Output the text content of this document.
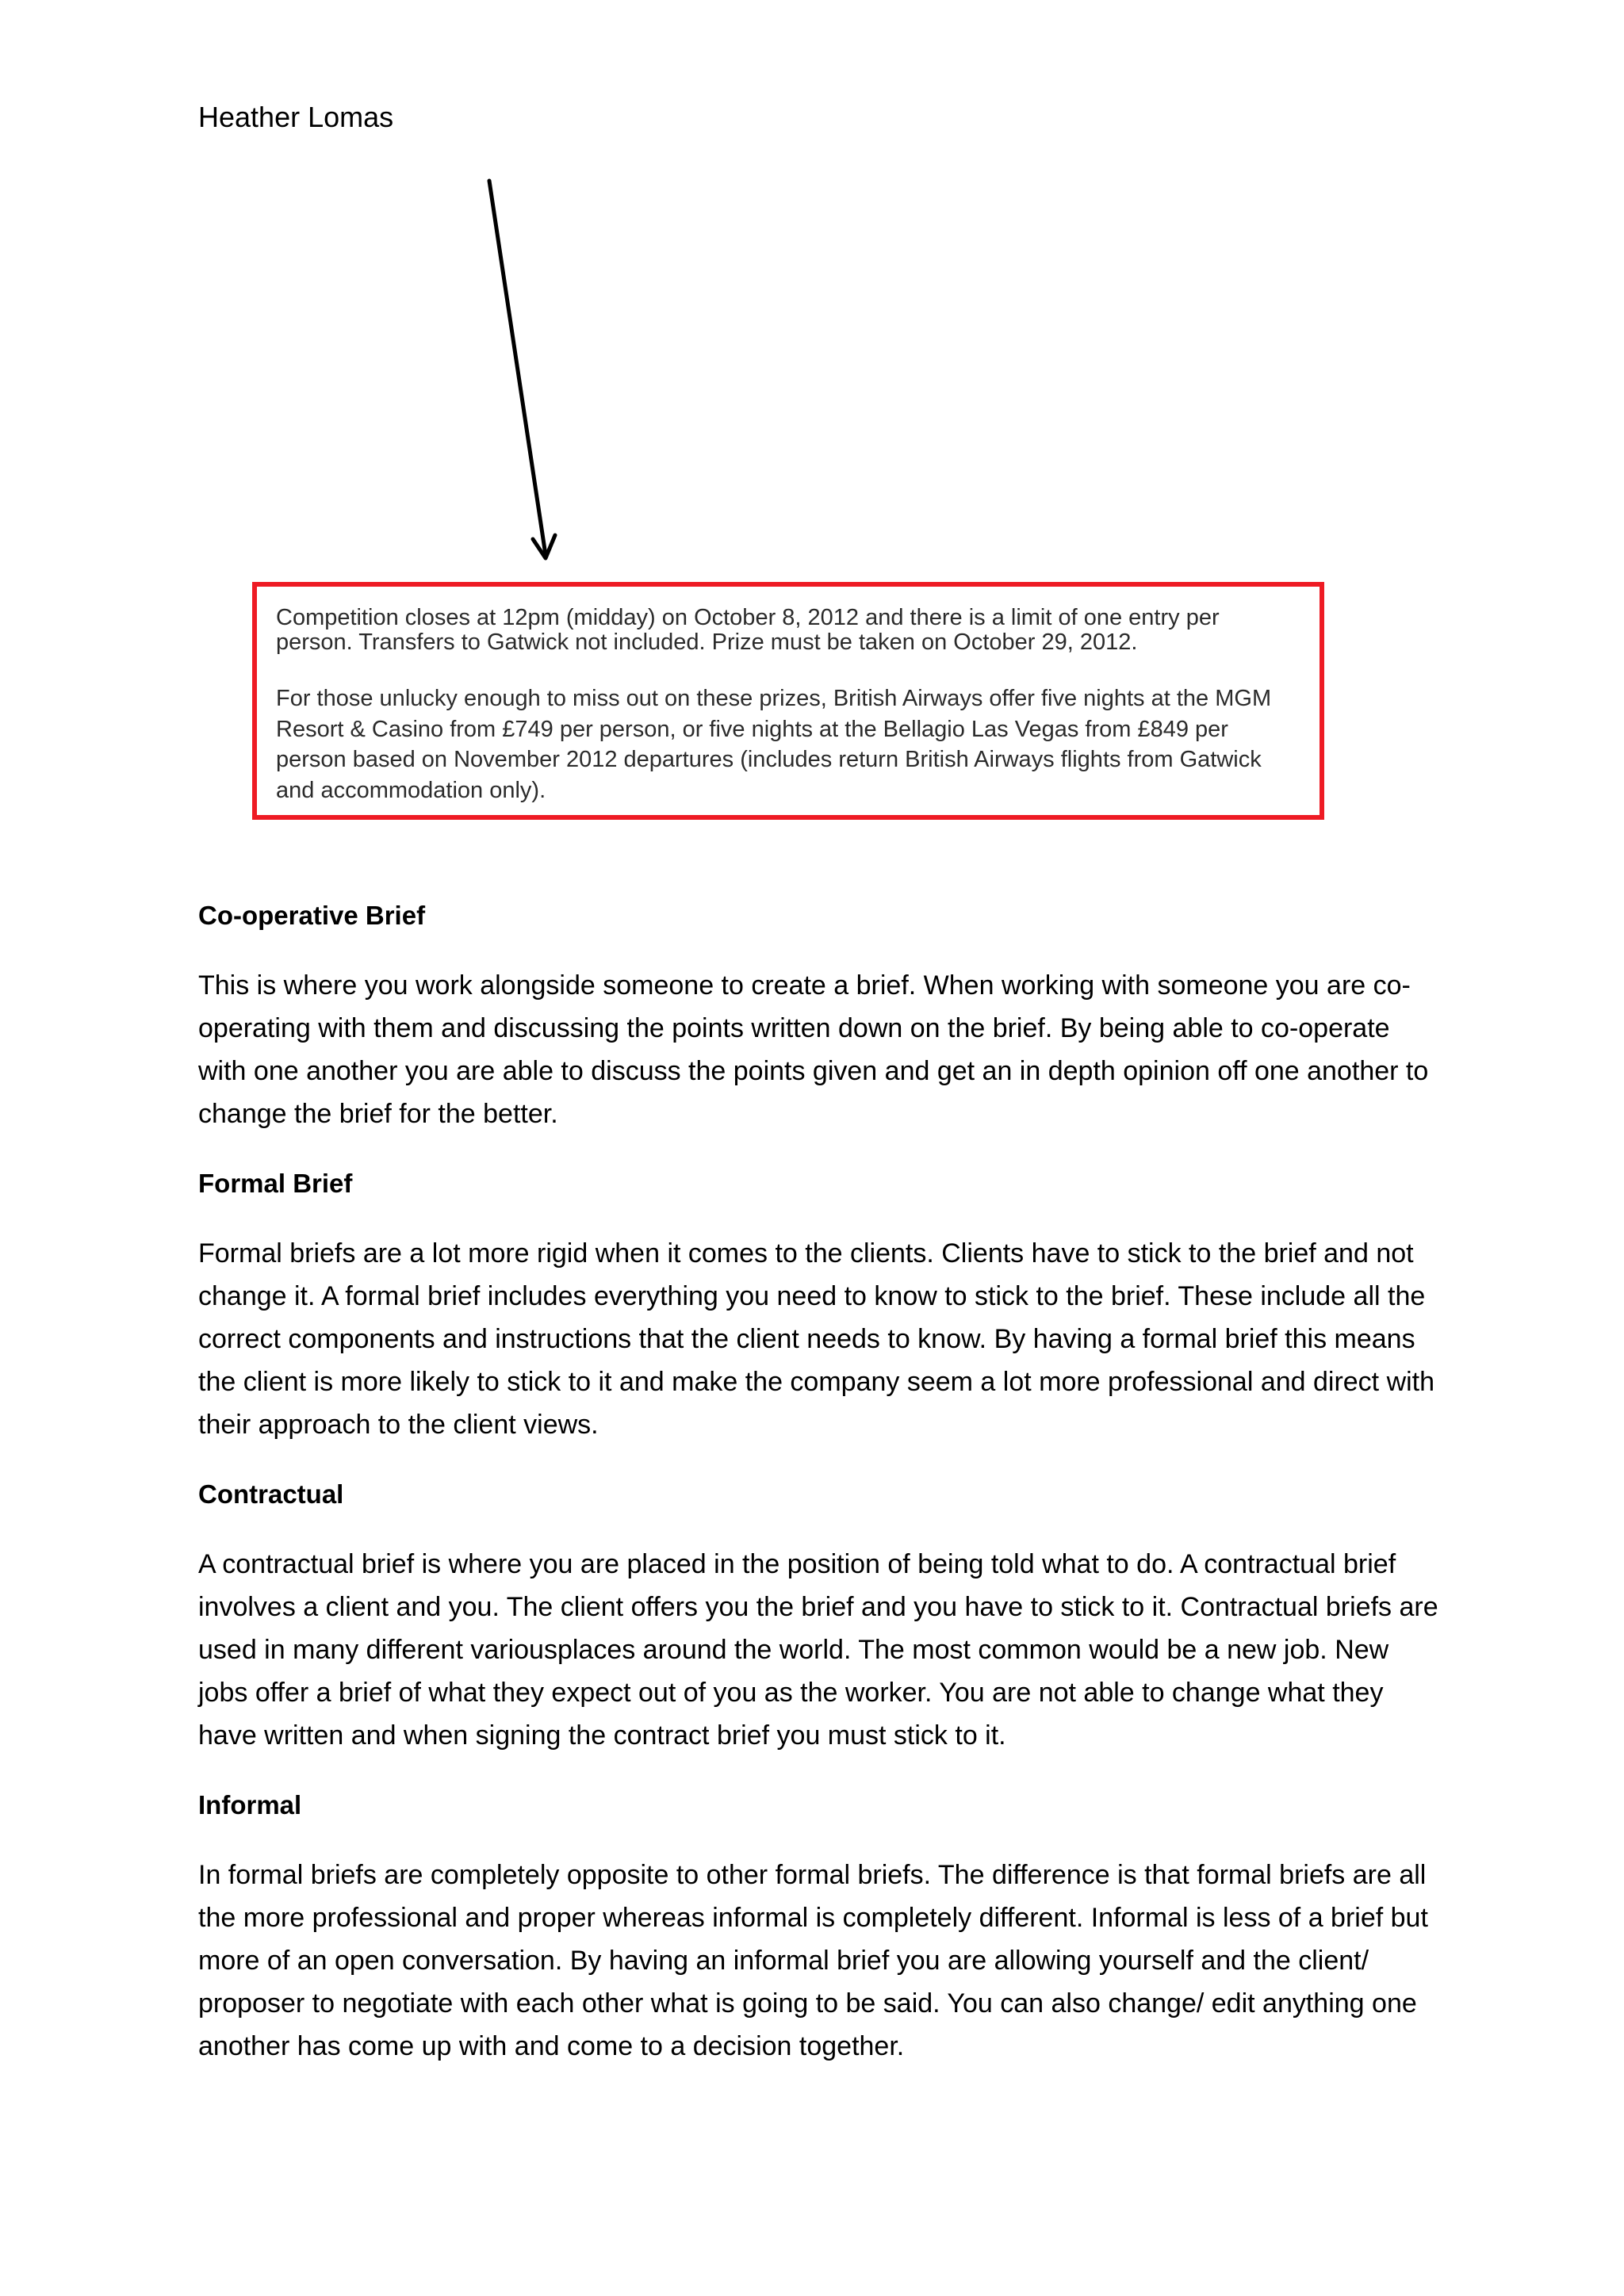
Heather Lomas

Competition closes at 12pm (midday) on October 8, 2012 and there is a limit of one entry per person. Transfers to Gatwick not included. Prize must be taken on October 29, 2012.

For those unlucky enough to miss out on these prizes, British Airways offer five nights at the MGM Resort & Casino from £749 per person, or five nights at the Bellagio Las Vegas from £849 per person based on November 2012 departures (includes return British Airways flights from Gatwick and accommodation only).

Co-operative Brief

This is where you work alongside someone to create a brief. When working with someone you are co-operating with them and discussing the points written down on the brief. By being able to co-operate with one another you are able to discuss the points given and get an in depth opinion off one another to change the brief for the better.

Formal Brief

Formal briefs are a lot more rigid when it comes to the clients. Clients have to stick to the brief and not change it. A formal brief includes everything you need to know to stick to the brief. These include all the correct components and instructions that the client needs to know. By having a formal brief this means the client is more likely to stick to it and make the company seem a lot more professional and direct with their approach to the client views.

Contractual

A contractual brief is where you are placed in the position of being told what to do. A contractual brief involves a client and you. The client offers you the brief and you have to stick to it. Contractual briefs are used in many different variousplaces around the world. The most common would be a new job. New jobs offer a brief of what they expect out of you as the worker. You are not able to change what they have written and when signing the contract brief you must stick to it.

Informal

In formal briefs are completely opposite to other formal briefs. The difference is that formal briefs are all the more professional and proper whereas informal is completely different. Informal is less of a brief but more of an open conversation. By having an informal brief you are allowing yourself and the client/ proposer to negotiate with each other what is going to be said. You can also change/ edit anything one another has come up with and come to a decision together.
